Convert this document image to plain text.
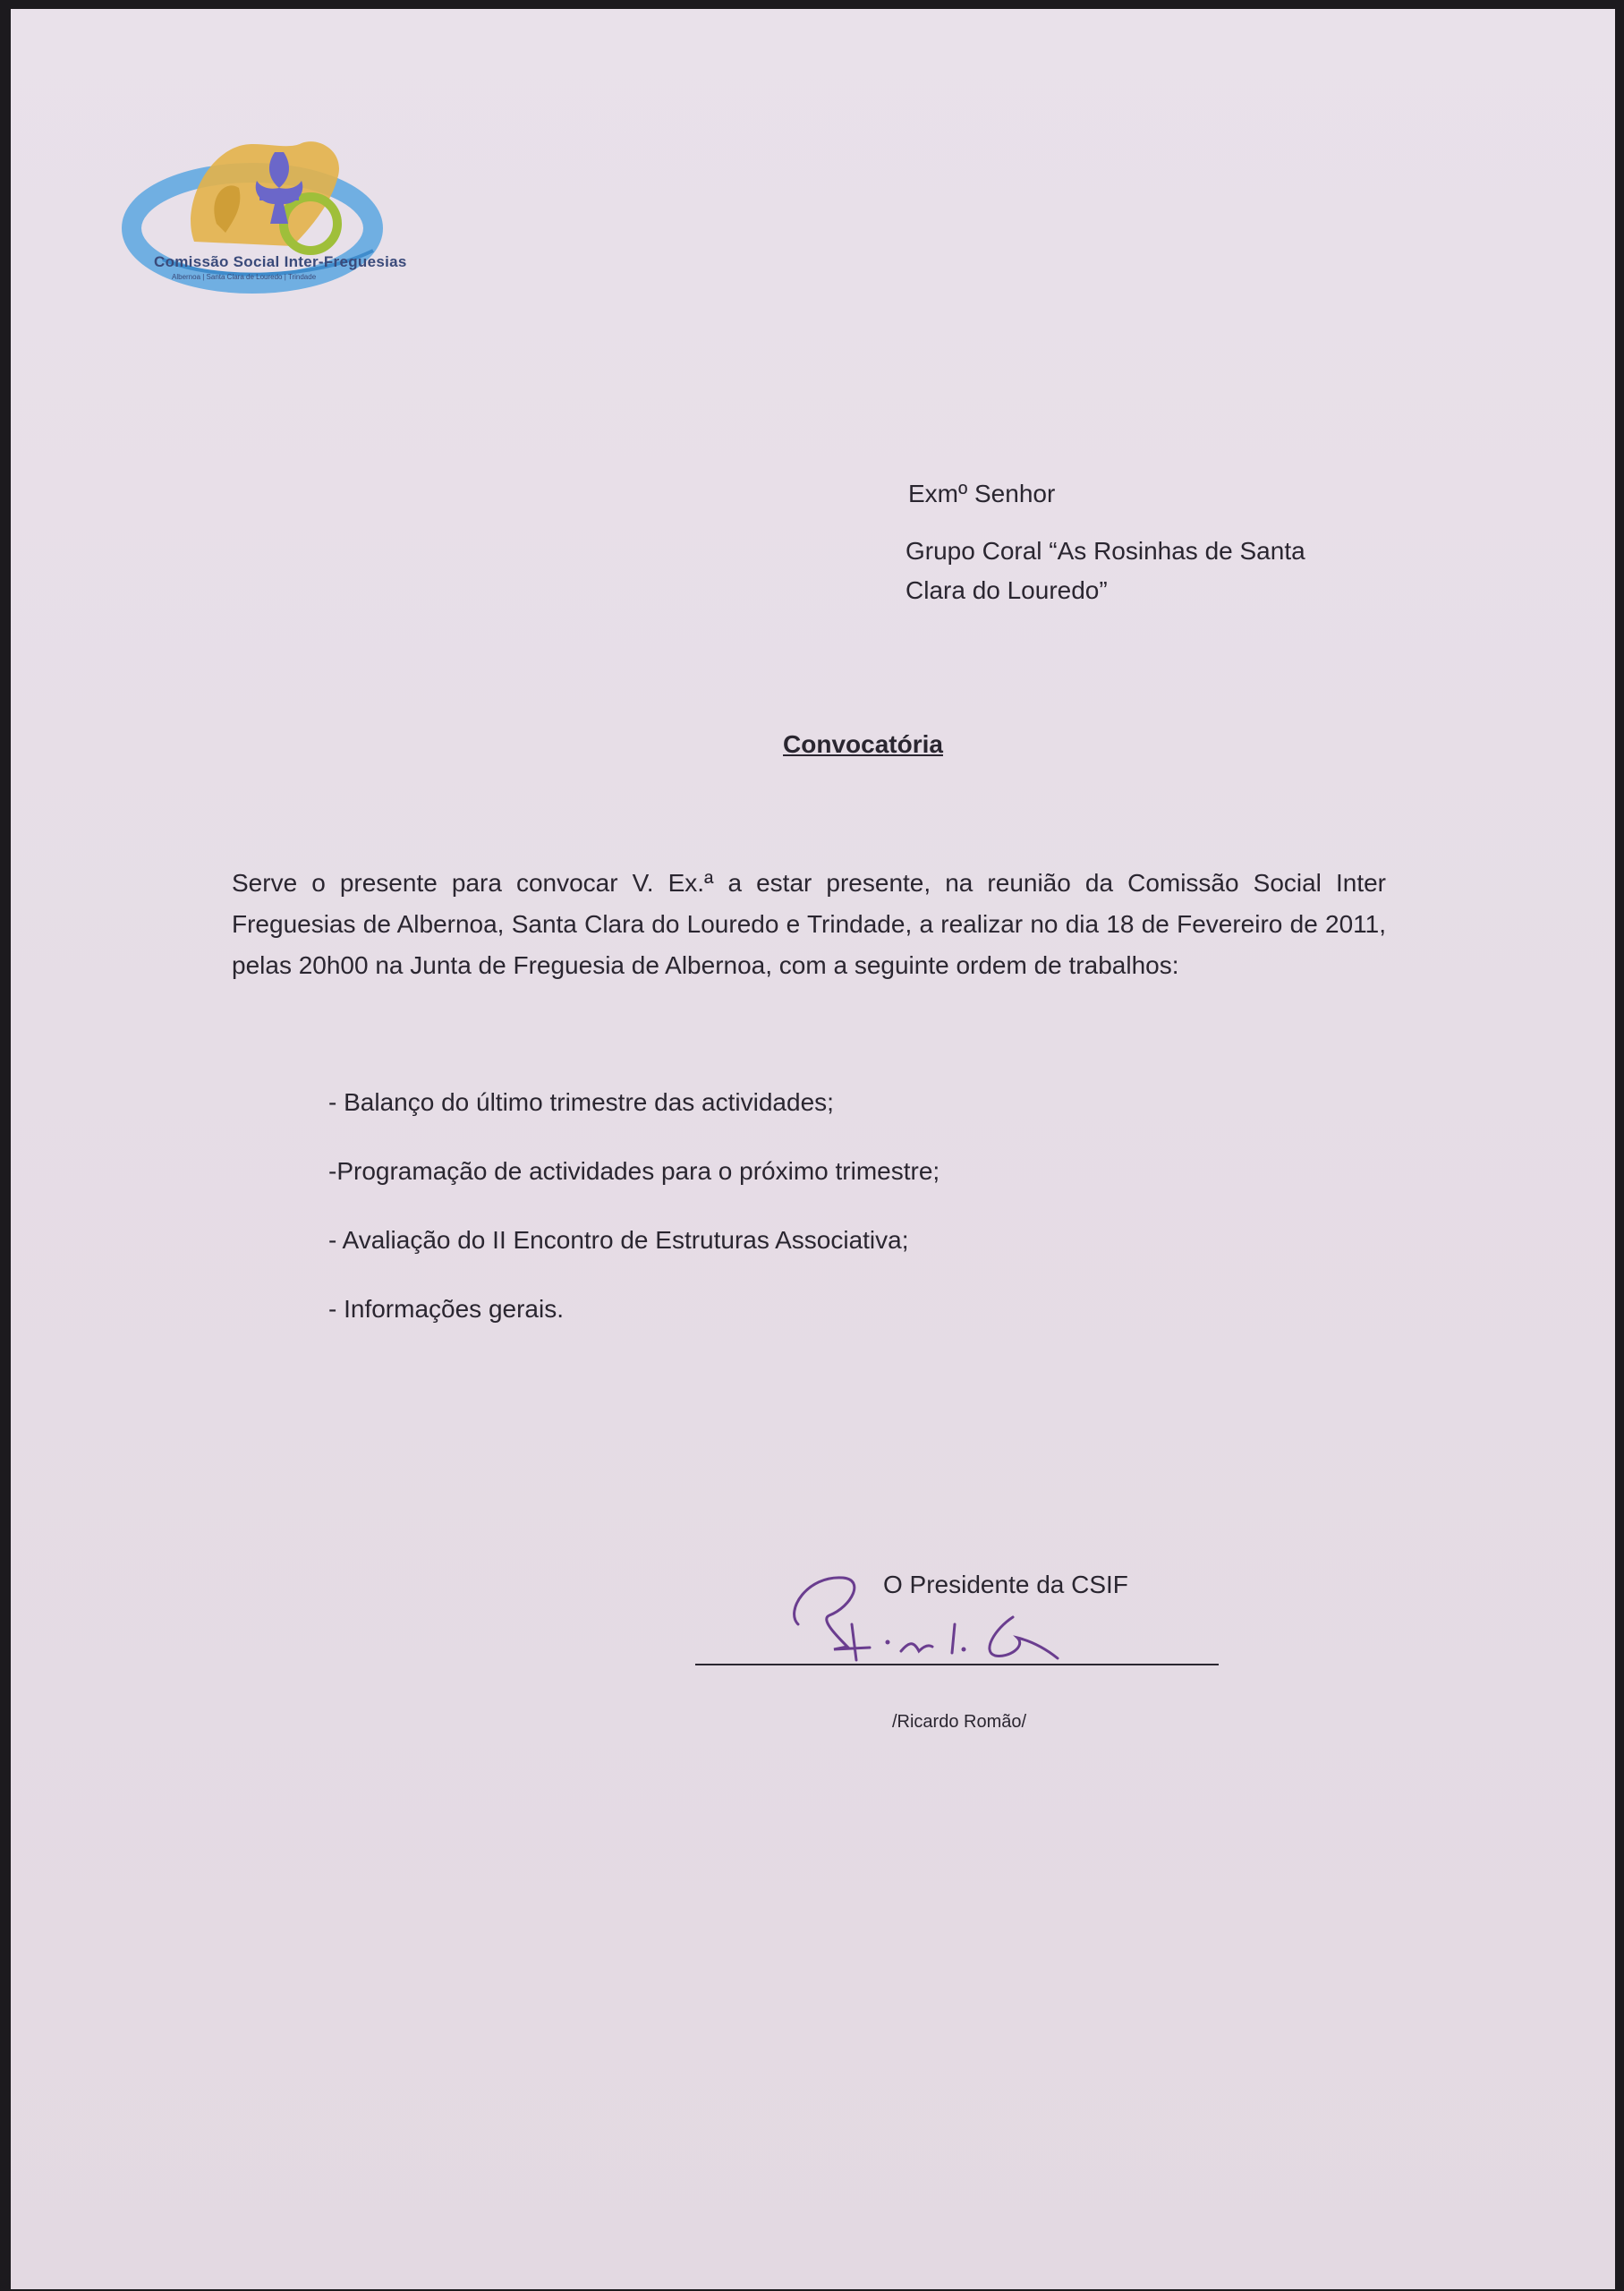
Comissão Social Inter-Freguesias
Albernoa | Santa Clara de Louredo | Trindade
Exmº Senhor
Grupo Coral “As Rosinhas de Santa Clara do Louredo”
Convocatória
Serve o presente para convocar V. Ex.ª a estar presente, na reunião da Comissão Social Inter Freguesias de Albernoa, Santa Clara do Louredo e Trindade, a realizar no dia 18 de Fevereiro de 2011, pelas 20h00 na Junta de Freguesia de Albernoa, com a seguinte ordem de trabalhos:
- Balanço do último trimestre das actividades;
-Programação de actividades para o próximo trimestre;
- Avaliação do II Encontro de Estruturas Associativa;
- Informações gerais.
O Presidente da CSIF
/Ricardo Romão/
